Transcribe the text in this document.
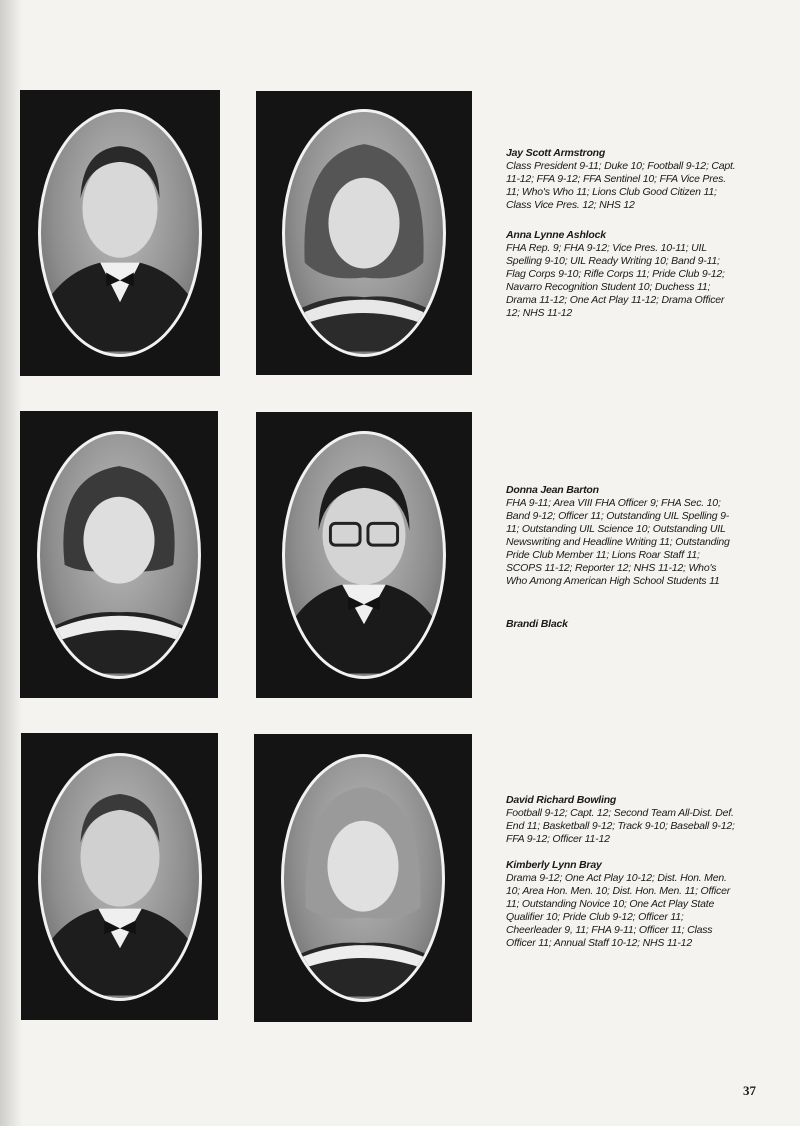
Jay Scott Armstrong
Class President 9-11; Duke 10; Football 9-12; Capt. 11-12; FFA 9-12; FFA Sentinel 10; FFA Vice Pres. 11; Who's Who 11; Lions Club Good Citizen 11; Class Vice Pres. 12; NHS 12
Anna Lynne Ashlock
FHA Rep. 9; FHA 9-12; Vice Pres. 10-11; UIL Spelling 9-10; UIL Ready Writing 10; Band 9-11; Flag Corps 9-10; Rifle Corps 11; Pride Club 9-12; Navarro Recognition Student 10; Duchess 11; Drama 11-12; One Act Play 11-12; Drama Officer 12; NHS 11-12
Donna Jean Barton
FHA 9-11; Area VIII FHA Officer 9; FHA Sec. 10; Band 9-12; Officer 11; Outstanding UIL Spelling 9-11; Outstanding UIL Science 10; Outstanding UIL Newswriting and Headline Writing 11; Outstanding Pride Club Member 11; Lions Roar Staff 11; SCOPS 11-12; Reporter 12; NHS 11-12; Who's Who Among American High School Students 11
Brandi Black
David Richard Bowling
Football 9-12; Capt. 12; Second Team All-Dist. Def. End 11; Basketball 9-12; Track 9-10; Baseball 9-12; FFA 9-12; Officer 11-12
Kimberly Lynn Bray
Drama 9-12; One Act Play 10-12; Dist. Hon. Men. 10; Area Hon. Men. 10; Dist. Hon. Men. 11; Officer 11; Outstanding Novice 10; One Act Play State Qualifier 10; Pride Club 9-12; Officer 11; Cheerleader 9, 11; FHA 9-11; Officer 11; Class Officer 11; Annual Staff 10-12; NHS 11-12
37
